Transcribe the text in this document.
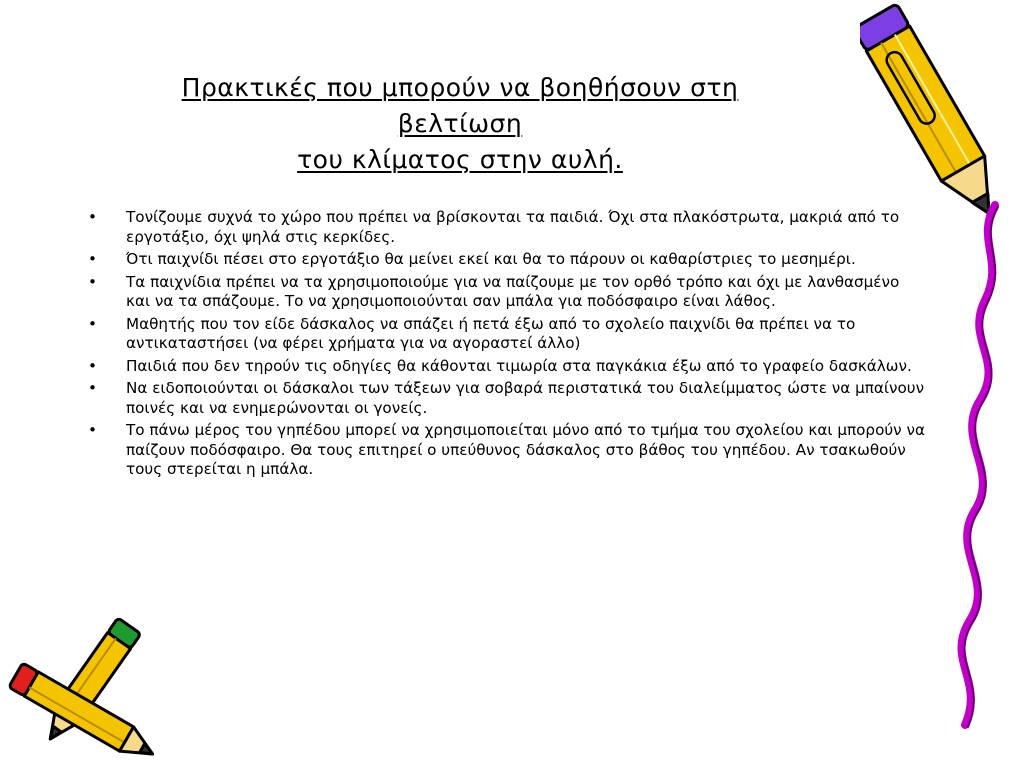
Πρακτικές που μπορούν να βοηθήσουν στη
βελτίωση
του κλίματος στην αυλή.
• Τονίζουμε συχνά το χώρο που πρέπει να βρίσκονται τα παιδιά. Όχι στα πλακόστρωτα, μακριά από το εργοτάξιο, όχι ψηλά στις κερκίδες.
• Ότι παιχνίδι πέσει στο εργοτάξιο θα μείνει εκεί και θα το πάρουν οι καθαρίστριες το μεσημέρι.
• Τα παιχνίδια πρέπει να τα χρησιμοποιούμε για να παίζουμε με τον ορθό τρόπο και όχι με λανθασμένο και να τα σπάζουμε. Το να χρησιμοποιούνται σαν μπάλα για ποδόσφαιρο είναι λάθος.
• Μαθητής που τον είδε δάσκαλος να σπάζει ή πετά έξω από το σχολείο παιχνίδι θα πρέπει να το αντικαταστήσει (να φέρει χρήματα για να αγοραστεί άλλο)
• Παιδιά που δεν τηρούν τις οδηγίες θα κάθονται τιμωρία στα παγκάκια έξω από το γραφείο δασκάλων.
• Να ειδοποιούνται οι δάσκαλοι των τάξεων για σοβαρά περιστατικά του διαλείμματος ώστε να μπαίνουν ποινές και να ενημερώνονται οι γονείς.
• Το πάνω μέρος του γηπέδου μπορεί να χρησιμοποιείται μόνο από το τμήμα του σχολείου και μπορούν να παίζουν ποδόσφαιρο. Θα τους επιτηρεί ο υπεύθυνος δάσκαλος στο βάθος του γηπέδου. Αν τσακωθούν τους στερείται η μπάλα.
